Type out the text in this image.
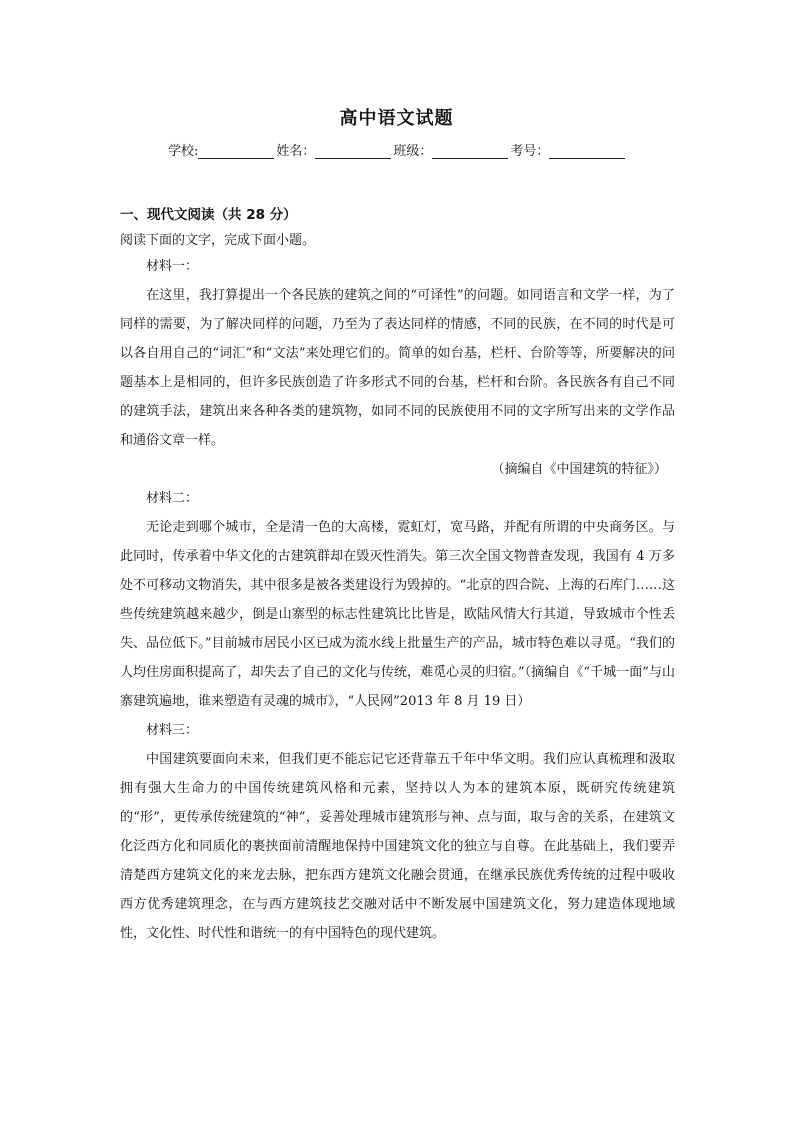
高中语文试题
学校:	姓名：	班级：	考号：
一、现代文阅读（共 28 分）
阅读下面的文字，完成下面小题。

材料一：

在这里，我打算提出一个各民族的建筑之间的“可译性”的问题。如同语言和文学一样，为了同样的需要，为了解决同样的问题，乃至为了表达同样的情感，不同的民族，在不同的时代是可以各自用自己的“词汇”和“文法”来处理它们的。简单的如台基，栏杆、台阶等等，所要解决的问题基本上是相同的，但许多民族创造了许多形式不同的台基，栏杆和台阶。各民族各有自己不同的建筑手法，建筑出来各种各类的建筑物，如同不同的民族使用不同的文字所写出来的文学作品和通俗文章一样。

（摘编自《中国建筑的特征》）

材料二：

无论走到哪个城市，全是清一色的大高楼，霓虹灯，宽马路，并配有所谓的中央商务区。与此同时，传承着中华文化的古建筑群却在毁灭性消失。第三次全国文物普查发现，我国有 4 万多处不可移动文物消失，其中很多是被各类建设行为毁掉的。“北京的四合院、上海的石库门……这些传统建筑越来越少，倒是山寨型的标志性建筑比比皆是，欧陆风情大行其道，导致城市个性丢失、品位低下。”目前城市居民小区已成为流水线上批量生产的产品，城市特色难以寻觅。“我们的人均住房面积提高了，却失去了自己的文化与传统，难觅心灵的归宿。”（摘编自《“千城一面”与山寨建筑遍地，谁来塑造有灵魂的城市》，“人民网”2013 年 8 月 19 日）

材料三：

中国建筑要面向未来，但我们更不能忘记它还背靠五千年中华文明。我们应认真梳理和汲取拥有强大生命力的中国传统建筑风格和元素，坚持以人为本的建筑本原，既研究传统建筑的“形”，更传承传统建筑的“神”，妥善处理城市建筑形与神、点与面，取与舍的关系，在建筑文化泛西方化和同质化的裹挟面前清醒地保持中国建筑文化的独立与自尊。在此基础上，我们要弄清楚西方建筑文化的来龙去脉，把东西方建筑文化融会贯通，在继承民族优秀传统的过程中吸收西方优秀建筑理念，在与西方建筑技艺交融对话中不断发展中国建筑文化，努力建造体现地域性，文化性、时代性和谐统一的有中国特色的现代建筑。
